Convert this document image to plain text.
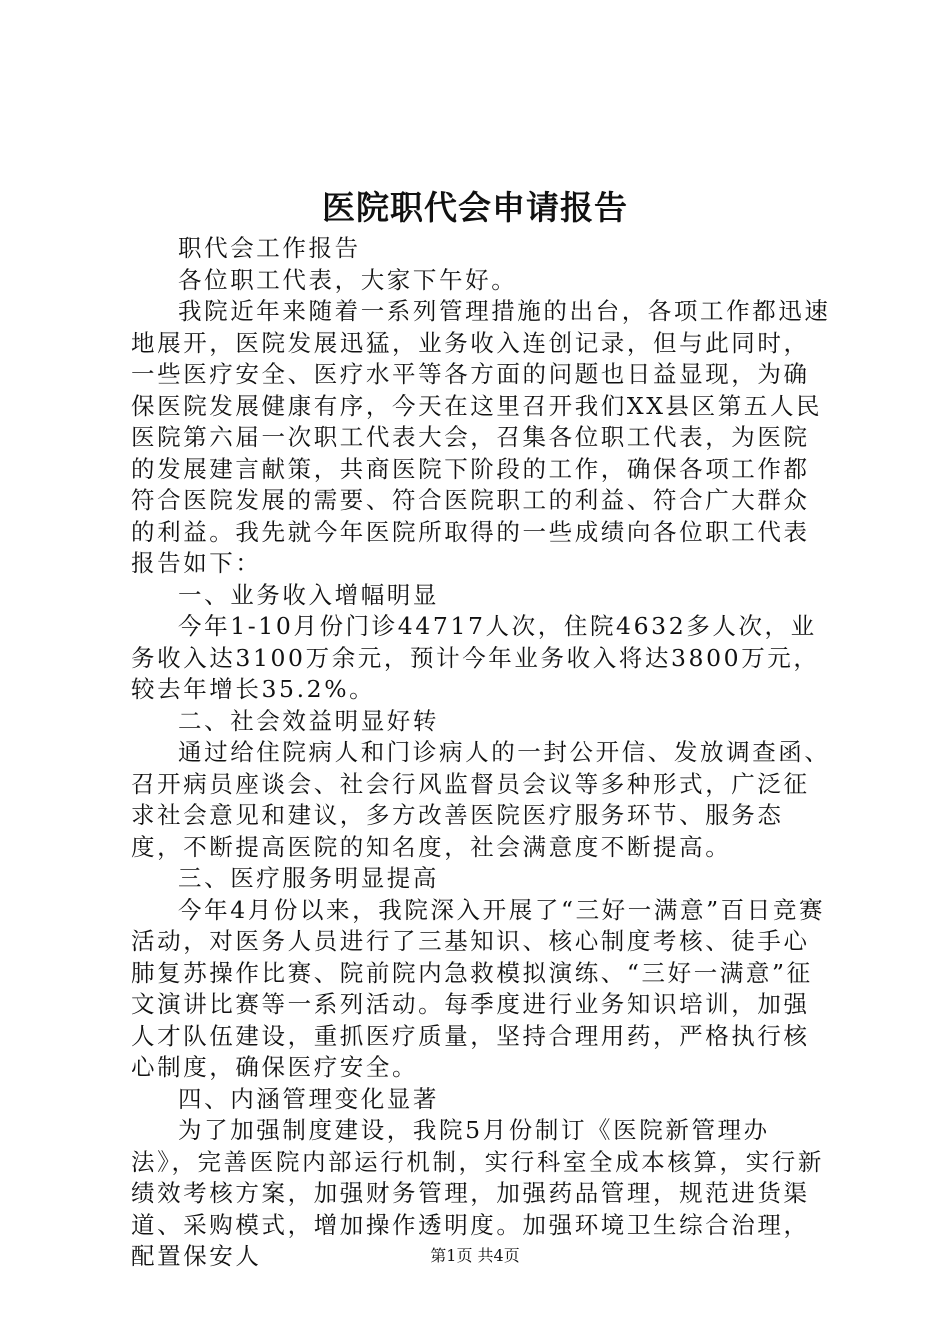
医院职代会申请报告

职代会工作报告

各位职工代表，大家下午好。

我院近年来随着一系列管理措施的出台，各项工作都迅速地展开，医院发展迅猛，业务收入连创记录，但与此同时，一些医疗安全、医疗水平等各方面的问题也日益显现，为确保医院发展健康有序，今天在这里召开我们XX县区第五人民医院第六届一次职工代表大会，召集各位职工代表，为医院的发展建言献策，共商医院下阶段的工作，确保各项工作都符合医院发展的需要、符合医院职工的利益、符合广大群众的利益。我先就今年医院所取得的一些成绩向各位职工代表报告如下：

一、业务收入增幅明显

今年1-10月份门诊44717人次，住院4632多人次，业务收入达3100万余元，预计今年业务收入将达3800万元，较去年增长35.2%。

二、社会效益明显好转

通过给住院病人和门诊病人的一封公开信、发放调查函、召开病员座谈会、社会行风监督员会议等多种形式，广泛征求社会意见和建议，多方改善医院医疗服务环节、服务态度，不断提高医院的知名度，社会满意度不断提高。

三、医疗服务明显提高

今年4月份以来，我院深入开展了“三好一满意”百日竞赛活动，对医务人员进行了三基知识、核心制度考核、徒手心肺复苏操作比赛、院前院内急救模拟演练、“三好一满意”征文演讲比赛等一系列活动。每季度进行业务知识培训，加强人才队伍建设，重抓医疗质量，坚持合理用药，严格执行核心制度，确保医疗安全。

四、内涵管理变化显著

为了加强制度建设，我院5月份制订《医院新管理办法》，完善医院内部运行机制，实行科室全成本核算，实行新绩效考核方案，加强财务管理，加强药品管理，规范进货渠道、采购模式，增加操作透明度。加强环境卫生综合治理，配置保安人	第1页 共4页
